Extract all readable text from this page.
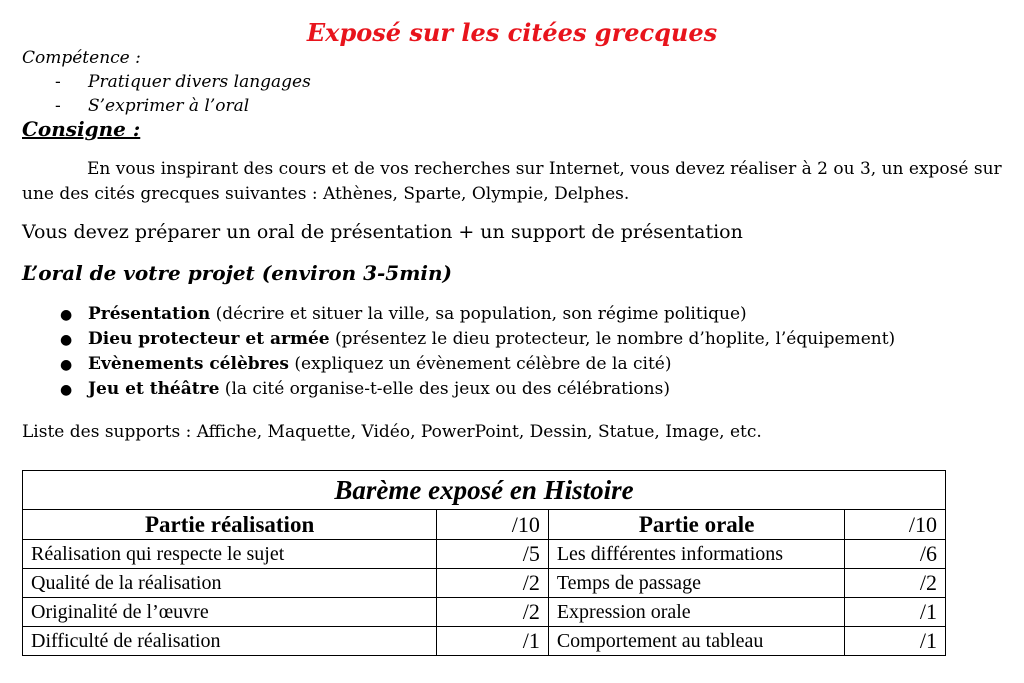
Exposé sur les citées grecques
Compétence :
- Pratiquer divers langages
- S’exprimer à l’oral
Consigne :
En vous inspirant des cours et de vos recherches sur Internet, vous devez réaliser à 2 ou 3, un exposé sur une des cités grecques suivantes : Athènes, Sparte, Olympie, Delphes.
Vous devez préparer un oral de présentation + un support de présentation
L’oral de votre projet (environ 3-5min)
● Présentation (décrire et situer la ville, sa population, son régime politique)
● Dieu protecteur et armée (présentez le dieu protecteur, le nombre d’hoplite, l’équipement)
● Evènements célèbres (expliquez un évènement célèbre de la cité)
● Jeu et théâtre (la cité organise-t-elle des jeux ou des célébrations)
Liste des supports : Affiche, Maquette, Vidéo, PowerPoint, Dessin, Statue, Image, etc.
Barème exposé en Histoire			
Partie réalisation	/10	Partie orale	/10
Réalisation qui respecte le sujet	/5	Les différentes informations	/6
Qualité de la réalisation	/2	Temps de passage	/2
Originalité de l’œuvre	/2	Expression orale	/1
Difficulté de réalisation	/1	Comportement au tableau	/1
